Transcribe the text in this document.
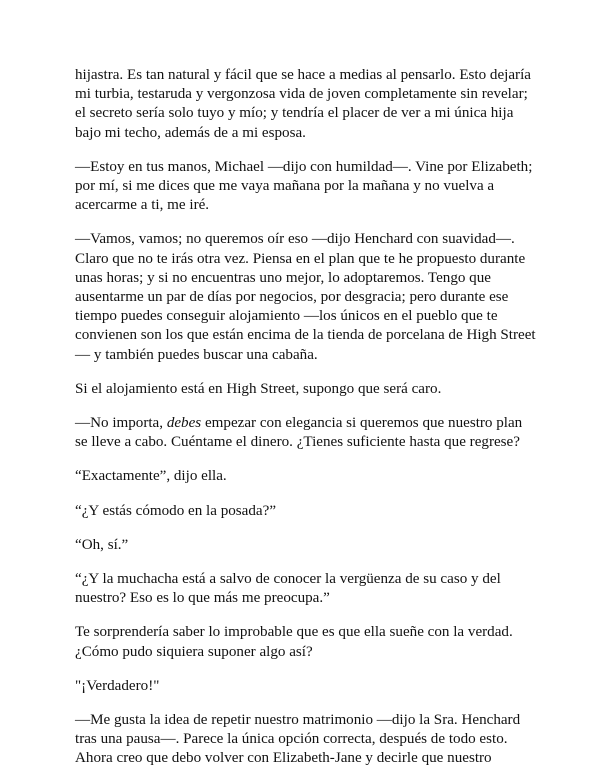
hijastra. Es tan natural y fácil que se hace a medias al pensarlo. Esto dejaría
mi turbia, testaruda y vergonzosa vida de joven completamente sin revelar;
el secreto sería solo tuyo y mío; y tendría el placer de ver a mi única hija
bajo mi techo, además de a mi esposa.

—Estoy en tus manos, Michael —dijo con humildad—. Vine por Elizabeth;
por mí, si me dices que me vaya mañana por la mañana y no vuelva a
acercarme a ti, me iré.

—Vamos, vamos; no queremos oír eso —dijo Henchard con suavidad—.
Claro que no te irás otra vez. Piensa en el plan que te he propuesto durante
unas horas; y si no encuentras uno mejor, lo adoptaremos. Tengo que
ausentarme un par de días por negocios, por desgracia; pero durante ese
tiempo puedes conseguir alojamiento —los únicos en el pueblo que te
convienen son los que están encima de la tienda de porcelana de High Street
— y también puedes buscar una cabaña.

Si el alojamiento está en High Street, supongo que será caro.

—No importa, debes empezar con elegancia si queremos que nuestro plan
se lleve a cabo. Cuéntame el dinero. ¿Tienes suficiente hasta que regrese?

“Exactamente”, dijo ella.

“¿Y estás cómodo en la posada?”

“Oh, sí.”

“¿Y la muchacha está a salvo de conocer la vergüenza de su caso y del
nuestro? Eso es lo que más me preocupa.”

Te sorprendería saber lo improbable que es que ella sueñe con la verdad.
¿Cómo pudo siquiera suponer algo así?

"¡Verdadero!"

—Me gusta la idea de repetir nuestro matrimonio —dijo la Sra. Henchard
tras una pausa—. Parece la única opción correcta, después de todo esto.
Ahora creo que debo volver con Elizabeth-Jane y decirle que nuestro
